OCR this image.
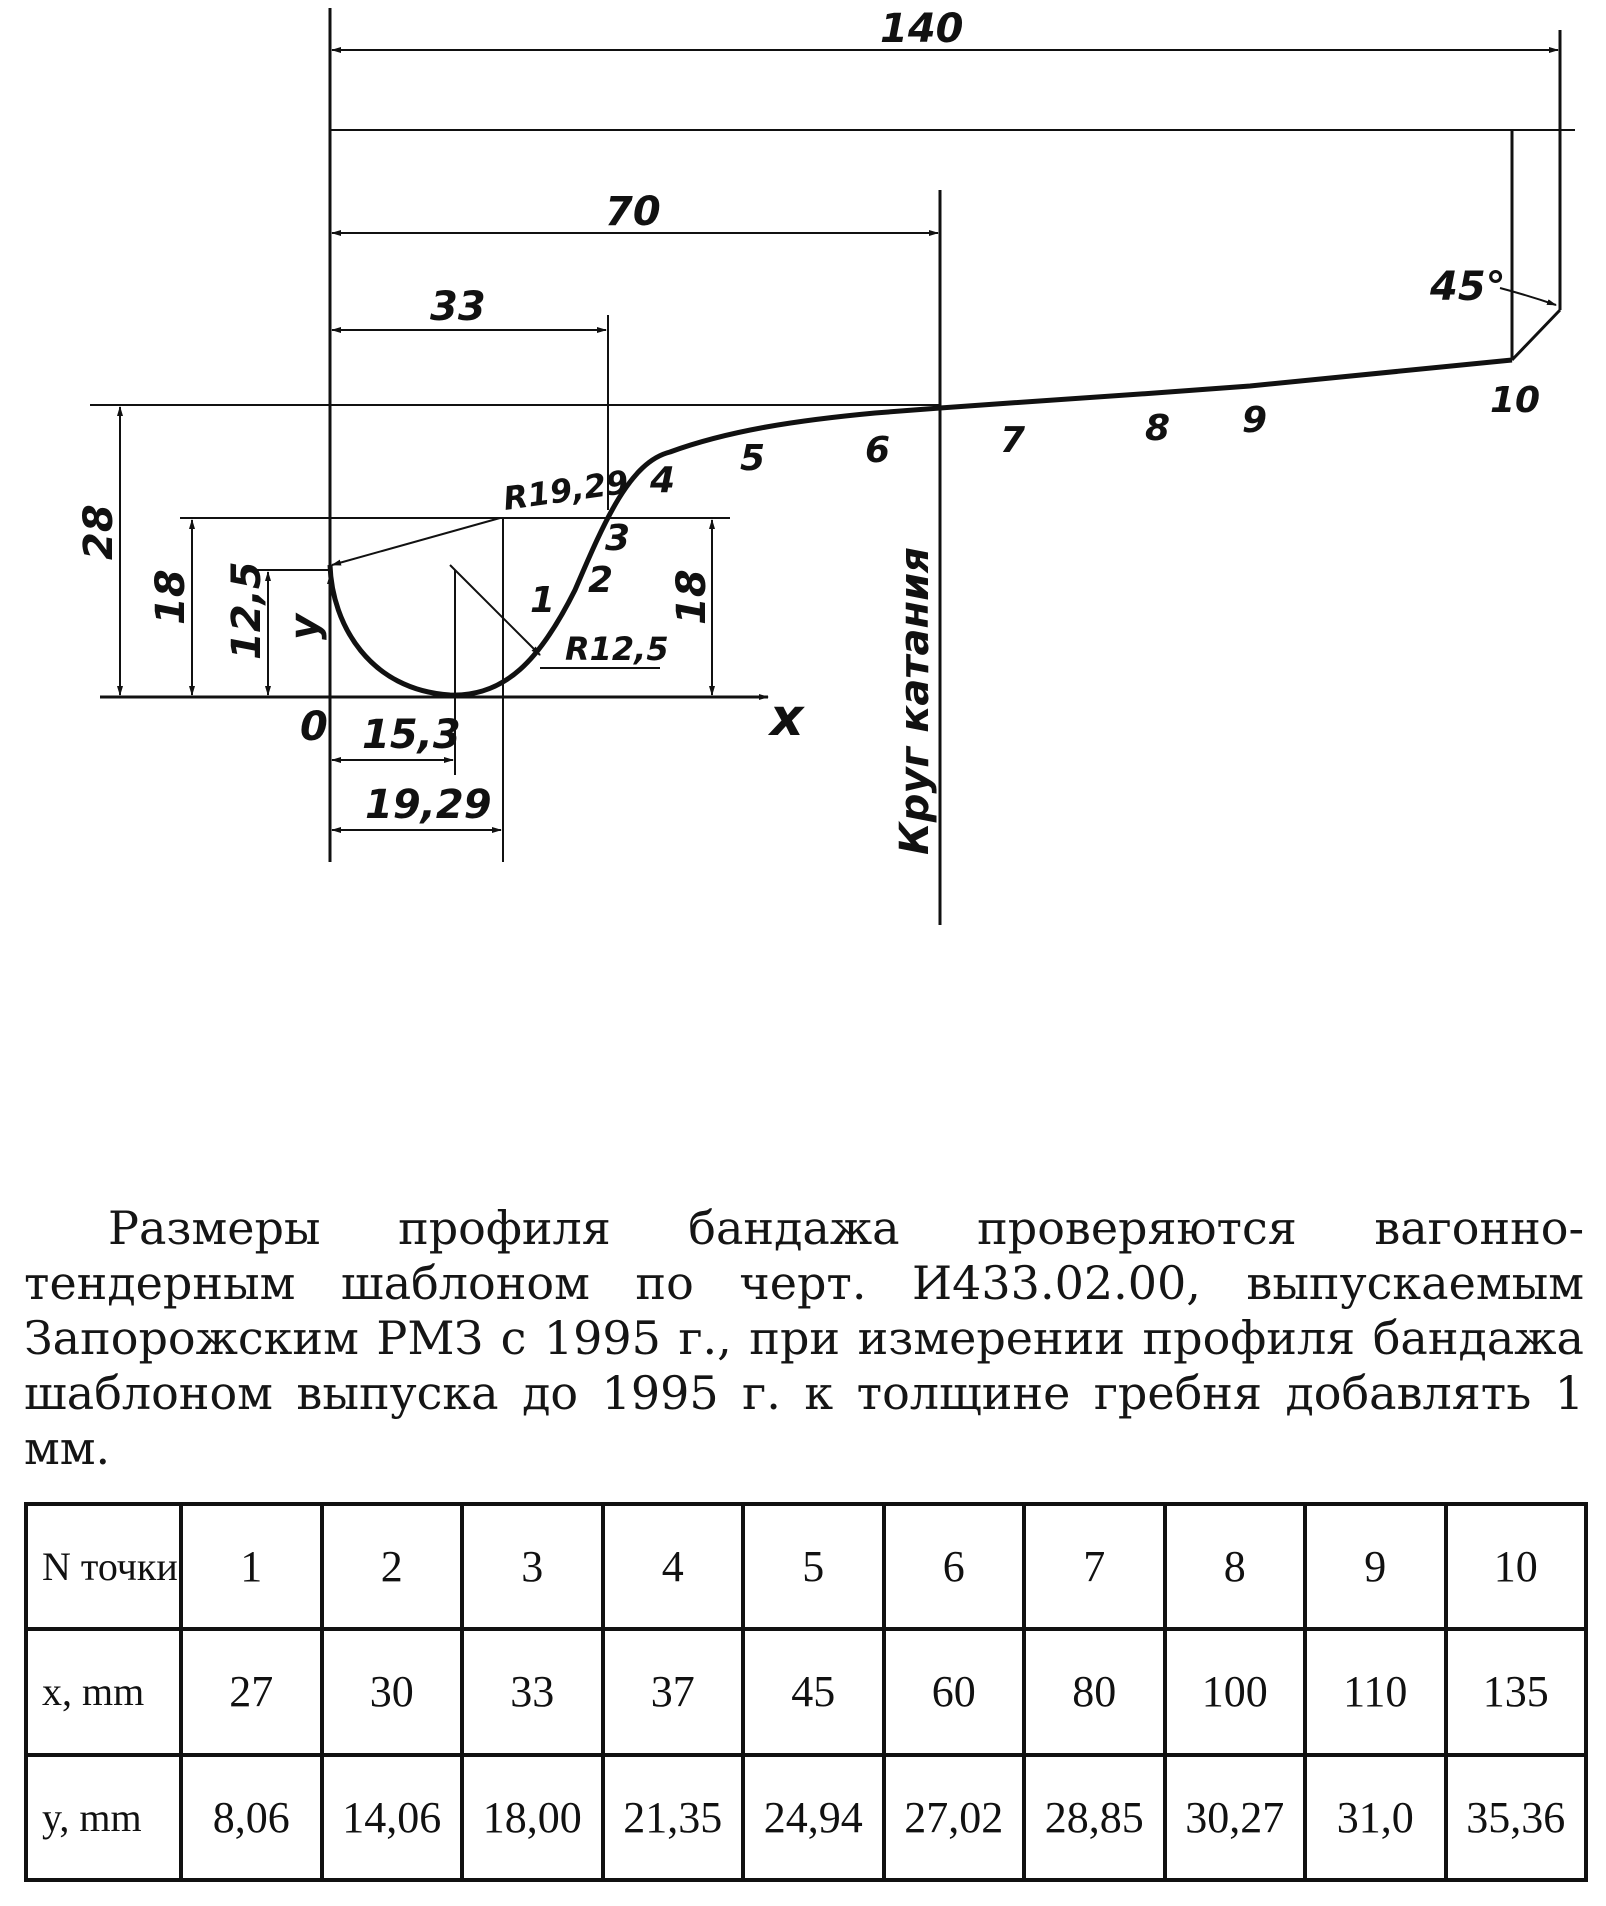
x
0
140
70
33
15,3
19,29
28
18 12,5 y
18
45°
R19,29
R12,5	Круг катания
1 2
3
4
5	6	7	8 9	10

Размеры профиля бандажа проверяются вагонно-тендерным шаблоном по черт. И433.02.00, выпускаемым Запорожским РМЗ с 1995 г., при измерении профиля бандажа шаблоном выпуска до 1995 г. к толщине гребня добавлять 1 мм.

N точки	1	2	3	4	5	6	7	8	9	10
x, mm	27	30	33	37	45	60	80	100	110	135
y, mm	8,06	14,06	18,00	21,35	24,94	27,02	28,85	30,27	31,0	35,36
